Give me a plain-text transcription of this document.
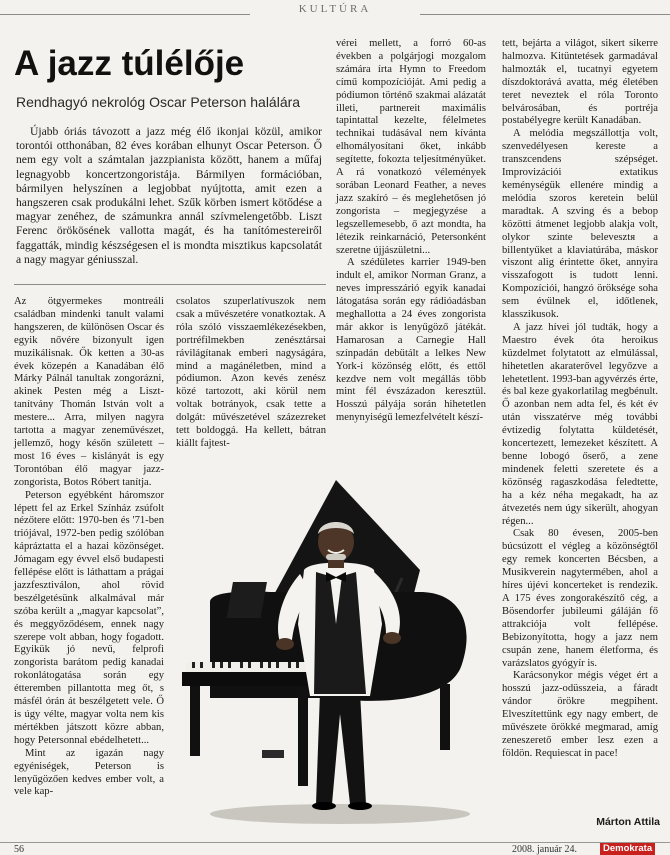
KULTÚRA
A jazz túlélője
Rendhagyó nekrológ Oscar Peterson halálára

Újabb óriás távozott a jazz még élő ikonjai közül, amikor torontói otthonában, 82 éves korában elhunyt Oscar Peterson. Ő nem egy volt a számtalan jazzpianista között, hanem a műfaj legnagyobb koncertzongoristája. Bármilyen formációban, bármilyen helyszínen a legjobbat nyújtotta, amit ezen a hangszeren csak produkálni lehet. Szűk körben ismert kötődése a magyar zenéhez, de számunkra annál szívmelengetőbb. Liszt Ferenc örökösének vallotta magát, és ha tanítómestereiről faggatták, mindig készségesen el is mondta misztikus kapcsolatát a nagy magyar géniusszal.

Az ötgyermekes montreáli családban mindenki tanult valami hangszeren, de különösen Oscar és egyik nővére bizonyult igen muzikálisnak. Ők ketten a 30-as évek közepén a Kanadában élő Márky Pálnál tanultak zongorázni, akinek Pesten még a Liszt-tanítvány Thomán István volt a mestere... Arra, milyen nagyra tartotta a magyar zeneművészet, jellemző, hogy későn született – most 16 éves – kislányát is egy Torontóban élő magyar jazz-zongorista, Botos Róbert tanítja.

Peterson egyébként háromszor lépett fel az Erkel Színház zsúfolt nézőtere előtt: 1970-ben és '71-ben triójával, 1972-ben pedig szólóban kápráztatta el a hazai közönséget. Jómagam egy évvel első budapesti fellépése előtt is láthattam a prágai jazzfesztiválon, ahol rövid beszélgetésünk alkalmával már szóba került a „magyar kapcsolat”, és meggyőződésem, ennek nagy szerepe volt abban, hogy fogadott. Egyikük jó nevű, felprofi zongorista barátom pedig kanadai rokonlátogatása során egy étteremben pillantotta meg őt, s másfél órán át beszélgetett vele. Ő is úgy vélte, magyar volta nem kis mértékben játszott közre abban, hogy Petersonnal ebédelhetett...

Mint az igazán nagy egyéniségek, Peterson is lenyűgözően kedves ember volt, a vele kap-

csolatos szuperlatívuszok nem csak a művészetére vonatkoztak. A róla szóló visszaemlékezésekben, portréfilmekben zenésztársai rávilágítanak emberi nagyságára, mind a magánéletben, mind a pódiumon. Azon kevés zenész közé tartozott, aki körül nem voltak botrányok, csak tette a dolgát: művészetével százezreket tett boldoggá. Ha kellett, bátran kiállt fajtest-

vérei mellett, a forró 60-as években a polgárjogi mozgalom számára írta Hymn to Freedom című kompozícióját. Ami pedig a pódiumon történő szakmai alázatát illeti, partnereit maximális tapintattal kezelte, félelmetes technikai tudásával nem kívánta elhomályosítani őket, inkább segítette, fokozta teljesítményüket. A rá vonatkozó vélemények sorában Leonard Feather, a neves jazz szakíró – és meglehetősen jó zongorista – megjegyzése a legszellemesebb, ő azt mondta, ha létezik reinkarnáció, Petersonként szeretne újjászületni...

A szédületes karrier 1949-ben indult el, amikor Norman Granz, a neves impresszárió egyik kanadai látogatása során egy rádióadásban meghallotta a 24 éves zongorista már akkor is lenyűgöző játékát. Hamarosan a Carnegie Hall színpadán debütált a lelkes New York-i közönség előtt, és ettől kezdve nem volt megállás több mint fél évszázadon keresztül. Hosszú pályája során hihetetlen menynyiségű lemezfelvételt készí-

tett, bejárta a világot, sikert sikerre halmozva. Kitüntetések garmadával halmozták el, tucatnyi egyetem díszdoktorává avatta, még életében teret neveztek el róla Toronto belvárosában, és portréja postabélyegre került Kanadában.

A melódia megszállottja volt, szenvedélyesen kereste a transzcendens szépséget. Improvizációi extatikus keménységük ellenére mindig a melódia szoros keretein belül maradtak. A szving és a bebop közötti átmenet legjobb alakja volt, olykor szinte belevesztя a billentyűket a klaviatúrába, máskor viszont alig érintette őket, annyira visszafogott is tudott lenni. Kompozíciói, hangzó öröksége soha sem évülnek el, időtlenek, klasszikusok.

A jazz hívei jól tudták, hogy a Maestro évek óta heroikus küzdelmet folytatott az elmúlással, hihetetlen akaraterővel legyőzve a lehetetlent. 1993-ban agyvérzés érte, és bal keze gyakorlatilag megbénult. Ő azonban nem adta fel, és két év után visszatérve még további évtizedig folytatta küldetését, koncertezett, lemezeket készített. A benne lobogó őserő, a zene mindenek feletti szeretete és a közönség ragaszkodása feledtette, ha a kéz néha megakadt, ha az átvezetés nem úgy sikerült, ahogyan régen...

Csak 80 évesen, 2005-ben búcsúzott el végleg a közönségtől egy remek koncerten Bécsben, a Musikverein nagytermében, ahol a híres újévi koncerteket is rendezik. A 175 éves zongorakészítő cég, a Bösendorfer jubileumi gáláján fő attrakciója volt fellépése. Bebizonyította, hogy a jazz nem csupán zene, hanem életforma, és varázslatos gyógyír is.

Karácsonykor mégis véget ért a hosszú jazz-odüsszeia, a fáradt vándor örökre megpihent. Elveszítettünk egy nagy embert, de művészete örökké megmarad, amíg zeneszerető ember lesz ezen a földön. Requiescat in pace!

Márton Attila
56	2008. január 24.	Demokrata
